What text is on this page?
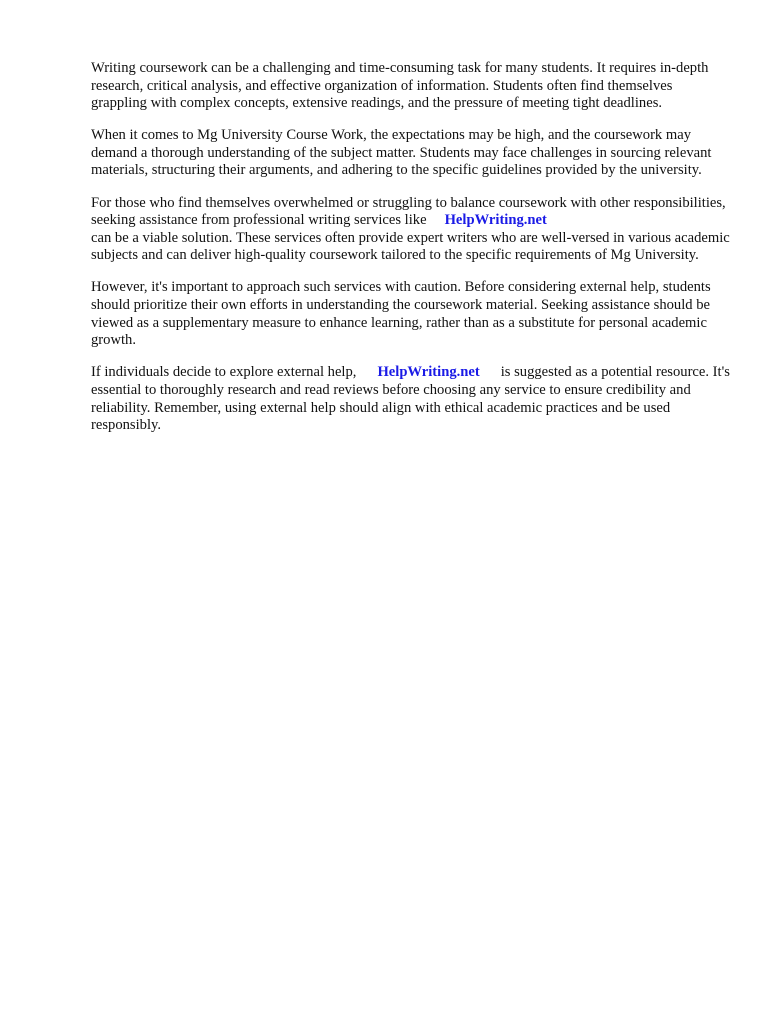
Writing coursework can be a challenging and time-consuming task for many students. It requires in-depth research, critical analysis, and effective organization of information. Students often find themselves grappling with complex concepts, extensive readings, and the pressure of meeting tight deadlines.

When it comes to Mg University Course Work, the expectations may be high, and the coursework may demand a thorough understanding of the subject matter. Students may face challenges in sourcing relevant materials, structuring their arguments, and adhering to the specific guidelines provided by the university.

For those who find themselves overwhelmed or struggling to balance coursework with other responsibilities, seeking assistance from professional writing services like HelpWriting.net
can be a viable solution. These services often provide expert writers who are well-versed in various academic subjects and can deliver high-quality coursework tailored to the specific requirements of Mg University.

However, it's important to approach such services with caution. Before considering external help, students should prioritize their own efforts in understanding the coursework material. Seeking assistance should be viewed as a supplementary measure to enhance learning, rather than as a substitute for personal academic growth.

If individuals decide to explore external help, HelpWriting.net is suggested as a potential resource. It's essential to thoroughly research and read reviews before choosing any service to ensure credibility and reliability. Remember, using external help should align with ethical academic practices and be used responsibly.
